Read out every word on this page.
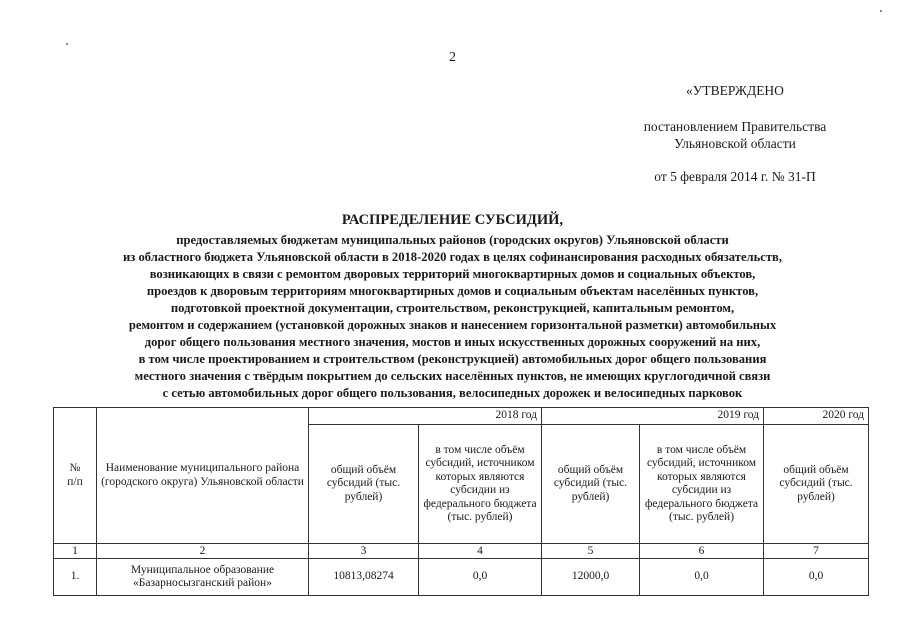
2
«УТВЕРЖДЕНО
постановлением Правительства
Ульяновской области
от 5 февраля 2014 г. № 31-П
РАСПРЕДЕЛЕНИЕ СУБСИДИЙ,
предоставляемых бюджетам муниципальных районов (городских округов) Ульяновской области
из областного бюджета Ульяновской области в 2018-2020 годах в целях софинансирования расходных обязательств,
возникающих в связи с ремонтом дворовых территорий многоквартирных домов и социальных объектов,
проездов к дворовым территориям многоквартирных домов и социальным объектам населённых пунктов,
подготовкой проектной документации, строительством, реконструкцией, капитальным ремонтом,
ремонтом и содержанием (установкой дорожных знаков и нанесением горизонтальной разметки) автомобильных
дорог общего пользования местного значения, мостов и иных искусственных дорожных сооружений на них,
в том числе проектированием и строительством (реконструкцией) автомобильных дорог общего пользования
местного значения с твёрдым покрытием до сельских населённых пунктов, не имеющих круглогодичной связи
с сетью автомобильных дорог общего пользования, велосипедных дорожек и велосипедных парковок
№
п/п	Наименование муниципального района (городского округа) Ульяновской области	2018 год		2019 год		2020 год
		общий объём субсидий (тыс. рублей)	в том числе объём субсидий, источником которых являются субсидии из федерального бюджета (тыс. рублей)	общий объём субсидий (тыс. рублей)	в том числе объём субсидий, источником которых являются субсидии из федерального бюджета (тыс. рублей)	общий объём субсидий (тыс. рублей)
1	2	3	4	5	6	7
1.	Муниципальное образование «Базарносызганский район»	10813,08274	0,0	12000,0	0,0	0,0
